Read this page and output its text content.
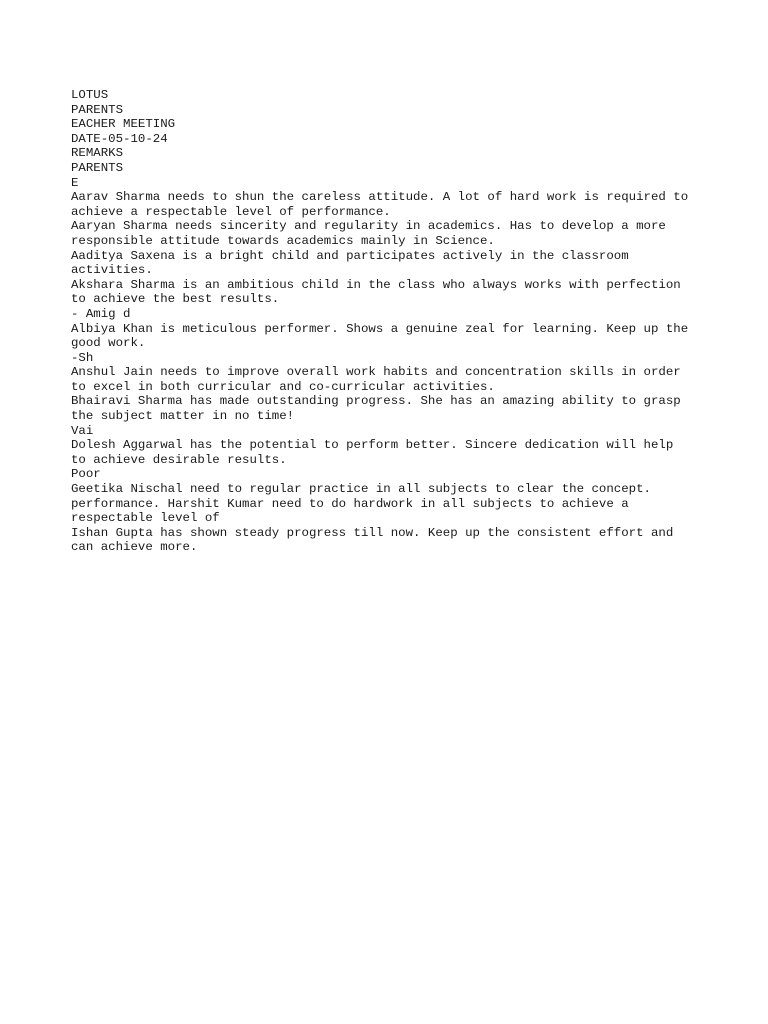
LOTUS
PARENTS
EACHER MEETING
DATE-05-10-24
REMARKS
PARENTS
E
Aarav Sharma needs to shun the careless attitude. A lot of hard work is required to
achieve a respectable level of performance.
Aaryan Sharma needs sincerity and regularity in academics. Has to develop a more
responsible attitude towards academics mainly in Science.
Aaditya Saxena is a bright child and participates actively in the classroom
activities.
Akshara Sharma is an ambitious child in the class who always works with perfection
to achieve the best results.
- Amig d
Albiya Khan is meticulous performer. Shows a genuine zeal for learning. Keep up the
good work.
-Sh
Anshul Jain needs to improve overall work habits and concentration skills in order
to excel in both curricular and co-curricular activities.
Bhairavi Sharma has made outstanding progress. She has an amazing ability to grasp
the subject matter in no time!
Vai
Dolesh Aggarwal has the potential to perform better. Sincere dedication will help
to achieve desirable results.
Poor
Geetika Nischal need to regular practice in all subjects to clear the concept.
performance. Harshit Kumar need to do hardwork in all subjects to achieve a
respectable level of
Ishan Gupta has shown steady progress till now. Keep up the consistent effort and
can achieve more.
